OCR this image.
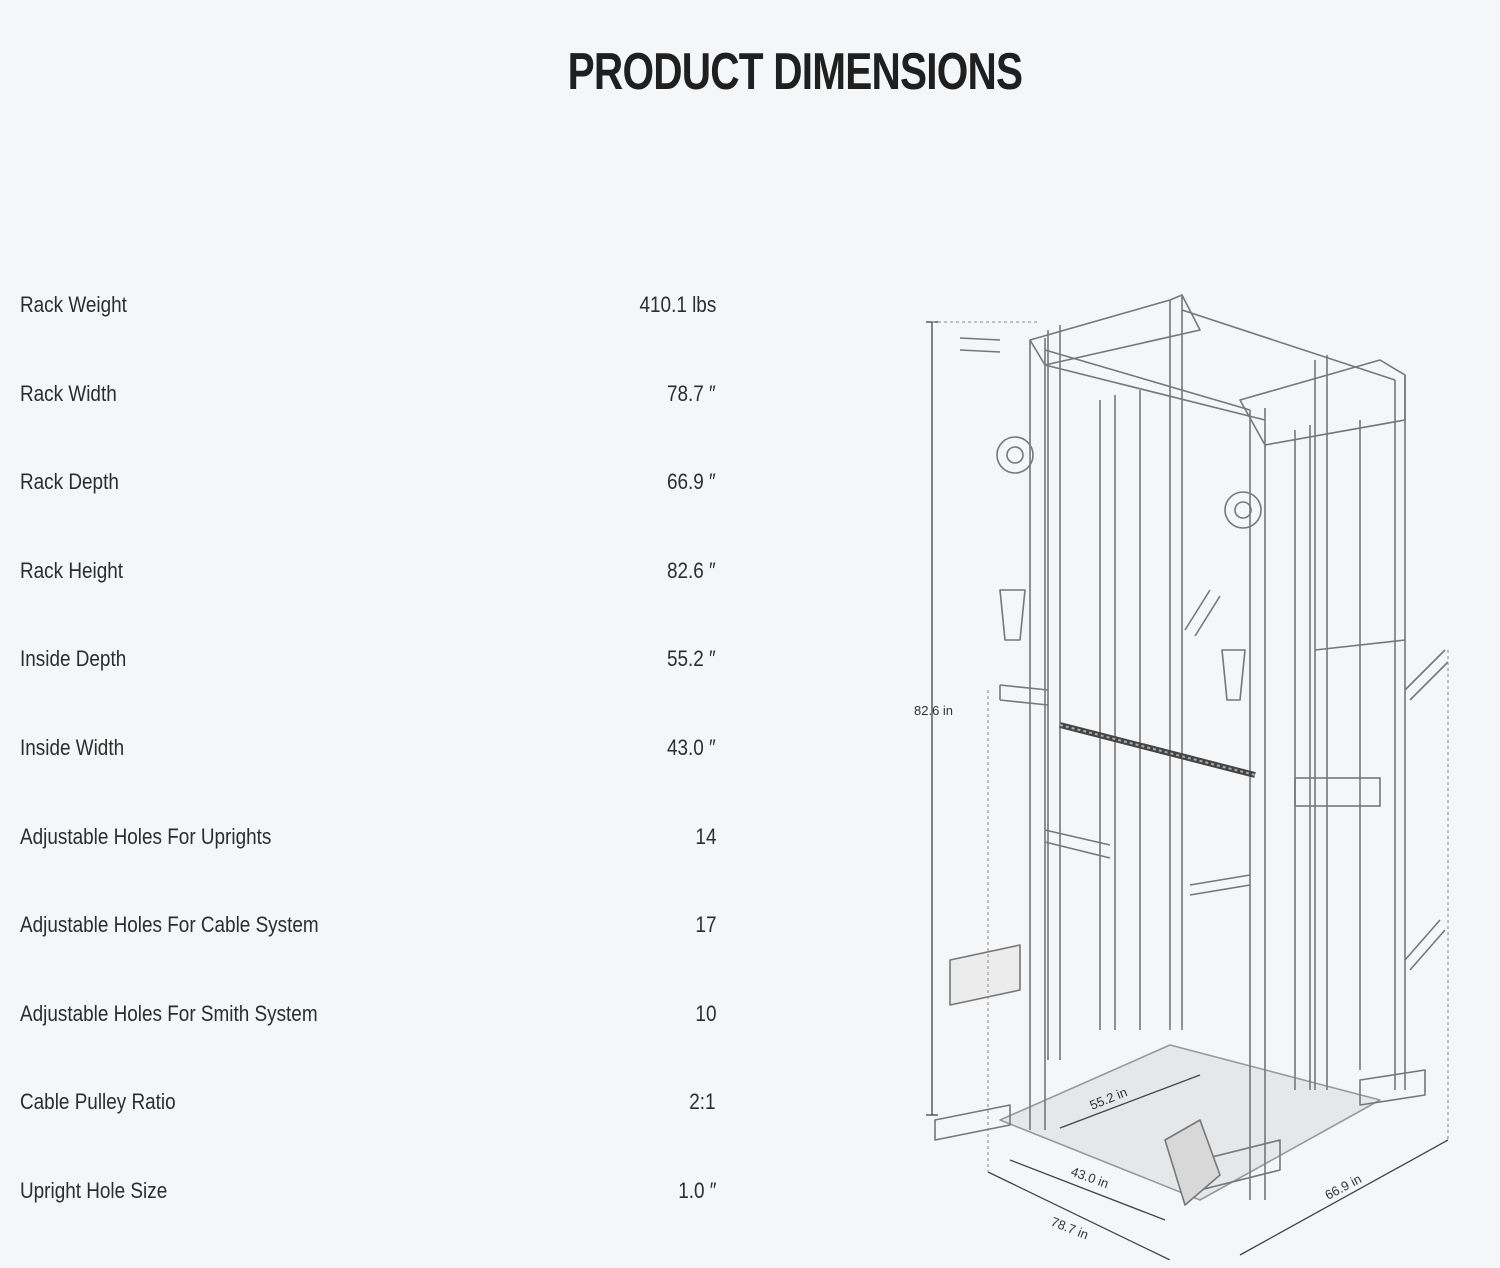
PRODUCT DIMENSIONS
Rack Weight	410.1 lbs
Rack Width	78.7 ″
Rack Depth	66.9 ″
Rack Height	82.6 ″
Inside Depth	55.2 ″
Inside Width	43.0 ″
Adjustable Holes For Uprights	14
Adjustable Holes For Cable System	17
Adjustable Holes For Smith System	10
Cable Pulley Ratio	2:1
Upright Hole Size	1.0 ″
82.6 in
55.2 in
43.0 in
78.7 in
66.9 in
